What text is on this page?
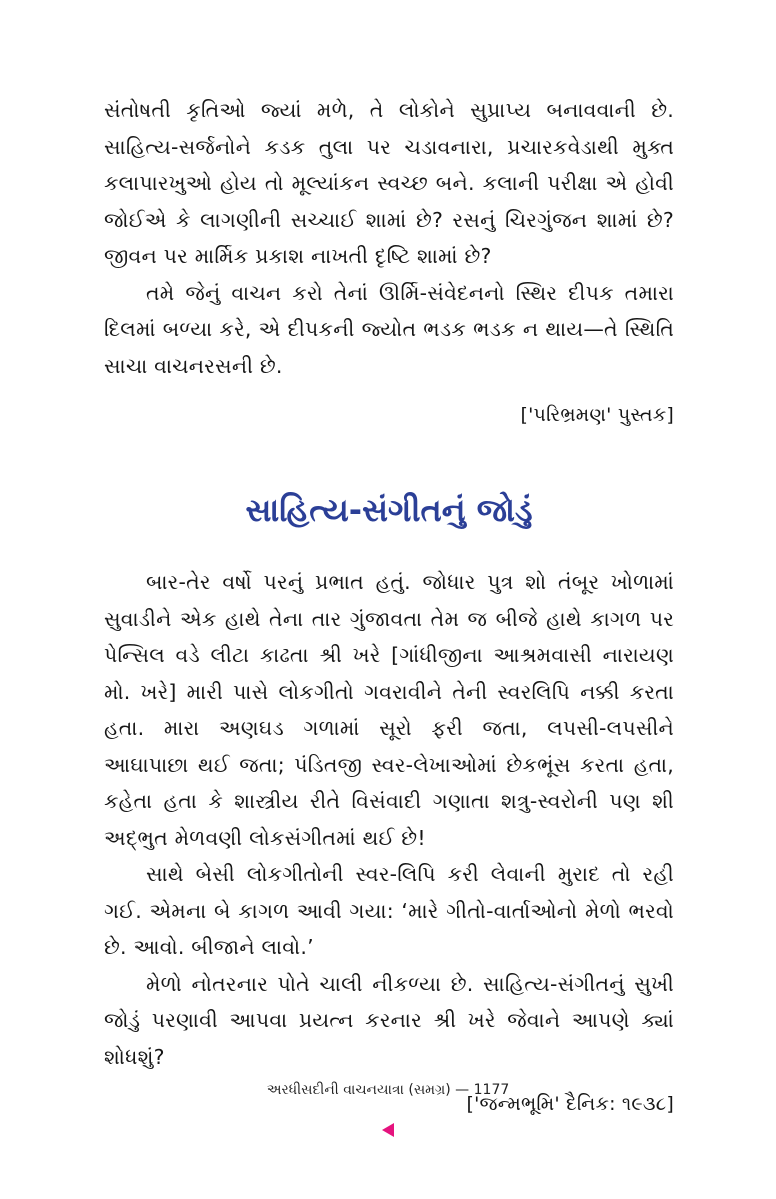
સંતોષતી કૃતિઓ જ્યાં મળે, તે લોકોને સુપ્રાપ્ય બનાવવાની છે. સાહિત્ય-સર્જનોને કડક તુલા પર ચડાવનારા, પ્રચારકવેડાથી મુક્ત કલાપારખુઓ હોય તો મૂલ્યાંકન સ્વચ્છ બને. કલાની પરીક્ષા એ હોવી જોઈએ કે લાગણીની સચ્ચાઈ શામાં છે? રસનું ચિરગુંજન શામાં છે? જીવન પર માર્મિક પ્રકાશ નાખતી દૃષ્ટિ શામાં છે?

તમે જેનું વાચન કરો તેનાં ઊર્મિ-સંવેદનનો સ્થિર દીપક તમારા દિલમાં બળ્યા કરે, એ દીપકની જ્યોત ભડક ભડક ન થાય—તે સ્થિતિ સાચા વાચનરસની છે.

['પરિભ્રમણ' પુસ્તક]

સાહિત્ય-સંગીતનું જોડું

બાર-તેર વર્ષો પરનું પ્રભાત હતું. જોધાર પુત્ર શો તંબૂર ખોળામાં સુવાડીને એક હાથે તેના તાર ગુંજાવતા તેમ જ બીજે હાથે કાગળ પર પેન્સિલ વડે લીટા કાઢતા શ્રી ખરે [ગાંધીજીના આશ્રમવાસી નારાયણ મો. ખરે] મારી પાસે લોકગીતો ગવરાવીને તેની સ્વરલિપિ નક્કી કરતા હતા. મારા અણઘડ ગળામાં સૂરો ફરી જતા, લપસી-લપસીને આઘાપાછા થઈ જતા; પંડિતજી સ્વર-લેખાઓમાં છેકભૂંસ કરતા હતા, કહેતા હતા કે શાસ્ત્રીય રીતે વિસંવાદી ગણાતા શત્રુ-સ્વરોની પણ શી અદ્‌ભુત મેળવણી લોકસંગીતમાં થઈ છે!

સાથે બેસી લોકગીતોની સ્વર-લિપિ કરી લેવાની મુરાદ તો રહી ગઈ. એમના બે કાગળ આવી ગયા: ‘મારે ગીતો-વાર્તાઓનો મેળો ભરવો છે. આવો. બીજાને લાવો.’

મેળો નોતરનાર પોતે ચાલી નીકળ્યા છે. સાહિત્ય-સંગીતનું સુખી જોડું પરણાવી આપવા પ્રયત્ન કરનાર શ્રી ખરે જેવાને આપણે ક્યાં શોધશું?

['જન્મભૂમિ' દૈનિક: ૧૯૩૮]

અરધીસદીની વાચનયાત્રા (સમગ્ર) — 1177
